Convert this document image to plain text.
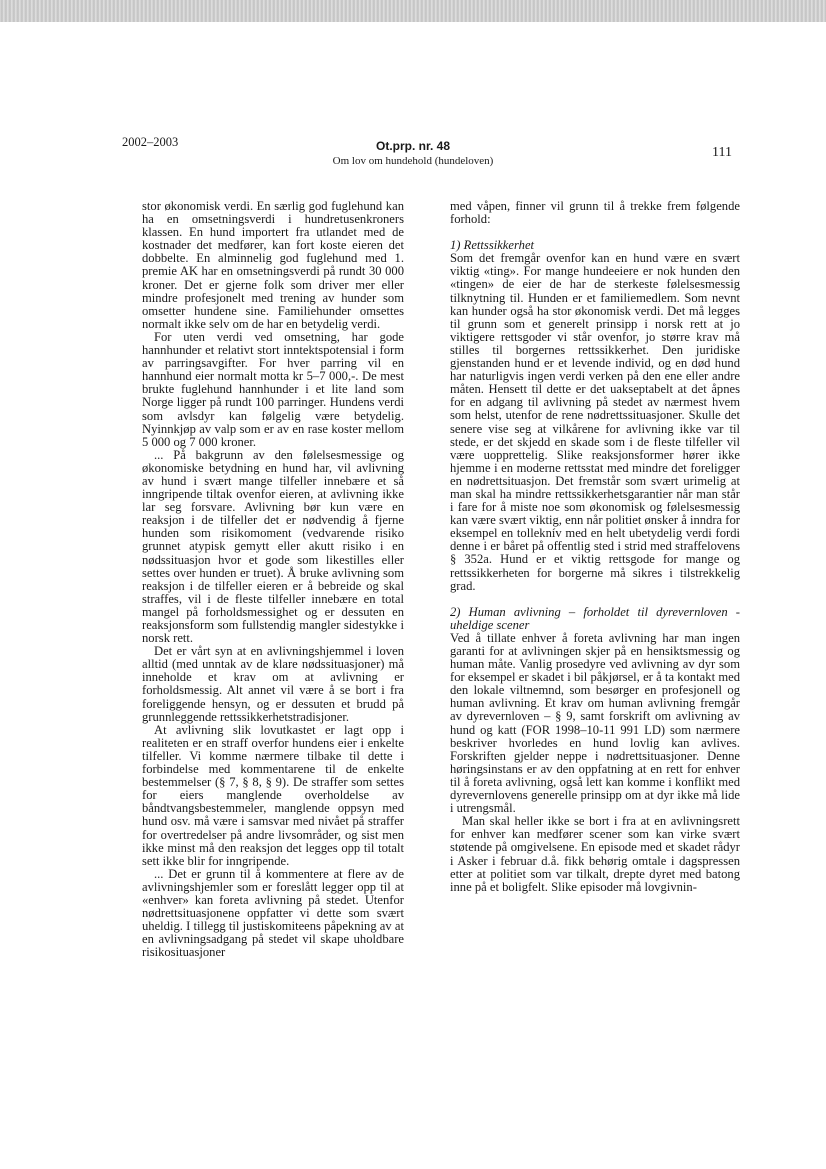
2002–2003	Ot.prp. nr. 48
Om lov om hundehold (hundeloven)
111

stor økonomisk verdi. En særlig god fuglehund kan ha en omsetningsverdi i hundretusenkroners klassen. En hund importert fra utlandet med de kostnader det medfører, kan fort koste eieren det dobbelte. En alminnelig god fuglehund med 1. premie AK har en omsetningsverdi på rundt 30 000 kroner. Det er gjerne folk som driver mer eller mindre profesjonelt med trening av hunder som omsetter hundene sine. Familiehunder omsettes normalt ikke selv om de har en betydelig verdi.

For uten verdi ved omsetning, har gode hannhunder et relativt stort inntektspotensial i form av parringsavgifter. For hver parring vil en hannhund eier normalt motta kr 5–7 000,-. De mest brukte fuglehund hannhunder i et lite land som Norge ligger på rundt 100 parringer. Hundens verdi som avlsdyr kan følgelig være betydelig. Nyinnkjøp av valp som er av en rase koster mellom 5 000 og 7 000 kroner.

... På bakgrunn av den følelsesmessige og økonomiske betydning en hund har, vil avlivning av hund i svært mange tilfeller innebære et så inngripende tiltak ovenfor eieren, at avlivning ikke lar seg forsvare. Avlivning bør kun være en reaksjon i de tilfeller det er nødvendig å fjerne hunden som risikomoment (vedvarende risiko grunnet atypisk gemytt eller akutt risiko i en nødssituasjon hvor et gode som likestilles eller settes over hunden er truet). Å bruke avlivning som reaksjon i de tilfeller eieren er å bebreide og skal straffes, vil i de fleste tilfeller innebære en total mangel på forholdsmessighet og er dessuten en reaksjonsform som fullstendig mangler sidestykke i norsk rett.

Det er vårt syn at en avlivningshjemmel i loven alltid (med unntak av de klare nødssituasjoner) må inneholde et krav om at avlivning er forholdsmessig. Alt annet vil være å se bort i fra foreliggende hensyn, og er dessuten et brudd på grunnleggende rettssikkerhetstradisjoner.

At avlivning slik lovutkastet er lagt opp i realiteten er en straff overfor hundens eier i enkelte tilfeller. Vi komme nærmere tilbake til dette i forbindelse med kommentarene til de enkelte bestemmelser (§ 7, § 8, § 9). De straffer som settes for eiers manglende overholdelse av båndtvangsbestemmeler, manglende oppsyn med hund osv. må være i samsvar med nivået på straffer for overtredelser på andre livsområder, og sist men ikke minst må den reaksjon det legges opp til totalt sett ikke blir for inngripende.

... Det er grunn til å kommentere at flere av de avlivningshjemler som er foreslått legger opp til at «enhver» kan foreta avlivning på stedet. Utenfor nødrettsituasjonene oppfatter vi dette som svært uheldig. I tillegg til justiskomiteens påpekning av at en avlivningsadgang på stedet vil skape uholdbare risikosituasjoner

med våpen, finner vil grunn til å trekke frem følgende forhold:

1) Rettssikkerhet

Som det fremgår ovenfor kan en hund være en svært viktig «ting». For mange hundeeiere er nok hunden den «tingen» de eier de har de sterkeste følelsesmessig tilknytning til. Hunden er et familiemedlem. Som nevnt kan hunder også ha stor økonomisk verdi. Det må legges til grunn som et generelt prinsipp i norsk rett at jo viktigere rettsgoder vi står ovenfor, jo større krav må stilles til borgernes rettssikkerhet. Den juridiske gjenstanden hund er et levende individ, og en død hund har naturligvis ingen verdi verken på den ene eller andre måten. Hensett til dette er det uakseptabelt at det åpnes for en adgang til avlivning på stedet av nærmest hvem som helst, utenfor de rene nødrettssituasjoner. Skulle det senere vise seg at vilkårene for avlivning ikke var til stede, er det skjedd en skade som i de fleste tilfeller vil være uopprettelig. Slike reaksjonsformer hører ikke hjemme i en moderne rettsstat med mindre det foreligger en nødrettsituasjon. Det fremstår som svært urimelig at man skal ha mindre rettssikkerhetsgarantier når man står i fare for å miste noe som økonomisk og følelsesmessig kan være svært viktig, enn når politiet ønsker å inndra for eksempel en tolleknív med en helt ubetydelig verdi fordi denne i er båret på offentlig sted i strid med straffelovens § 352a. Hund er et viktig rettsgode for mange og rettssikkerheten for borgerne må sikres i tilstrekkelig grad.

2) Human avlivning – forholdet til dyrevernloven -uheldige scener

Ved å tillate enhver å foreta avlivning har man ingen garanti for at avlivningen skjer på en hensiktsmessig og human måte. Vanlig prosedyre ved avlivning av dyr som for eksempel er skadet i bil påkjørsel, er å ta kontakt med den lokale viltnemnd, som besørger en profesjonell og human avlivning. Et krav om human avlivning fremgår av dyrevernloven – § 9, samt forskrift om avlivning av hund og katt (FOR 1998–10-11 991 LD) som nærmere beskriver hvorledes en hund lovlig kan avlives. Forskriften gjelder neppe i nødrettsituasjoner. Denne høringsinstans er av den oppfatning at en rett for enhver til å foreta avlivning, også lett kan komme i konflikt med dyrevernlovens generelle prinsipp om at dyr ikke må lide i utrengsmål.

Man skal heller ikke se bort i fra at en avlivningsrett for enhver kan medfører scener som kan virke svært støtende på omgivelsene. En episode med et skadet rådyr i Asker i februar d.å. fikk behørig omtale i dagspressen etter at politiet som var tilkalt, drepte dyret med batong inne på et boligfelt. Slike episoder må lovgivnin-
